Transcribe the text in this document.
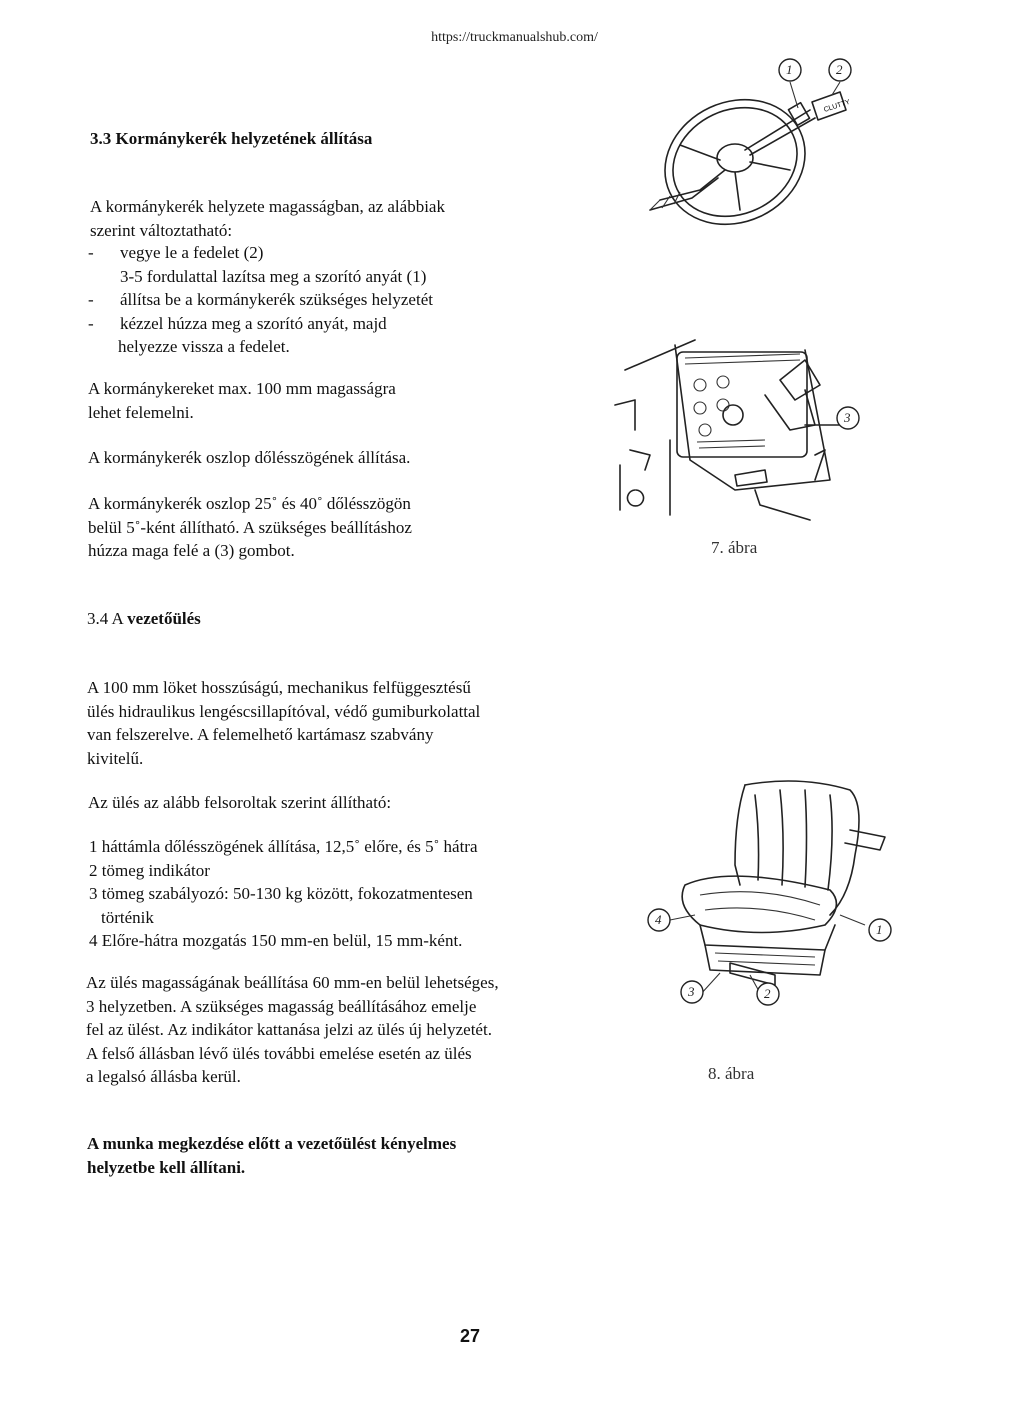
https://truckmanualshub.com/
3.3 Kormánykerék helyzetének állítása
A kormánykerék helyzete magasságban, az alábbiak
szerint változtatható:
- vegye le a fedelet (2)
3-5 fordulattal lazítsa meg a szorító anyát (1)
- állítsa be a kormánykerék szükséges helyzetét
- kézzel húzza meg a szorító anyát, majd
helyezze vissza a fedelet.
A kormánykereket max. 100 mm magasságra
lehet felemelni.
A kormánykerék oszlop dőlésszögének állítása.
A kormánykerék oszlop 25˚ és 40˚ dőlésszögön
belül 5˚-ként állítható. A szükséges beállításhoz
húzza maga felé a (3) gombot.
3.4 A vezetőülés
A 100 mm löket hosszúságú, mechanikus felfüggesztésű
ülés hidraulikus lengéscsillapítóval, védő gumiburkolattal
van felszerelve. A felemelhető kartámasz szabvány
kivitelű.
Az ülés az alább felsoroltak szerint állítható:
1 háttámla dőlésszögének állítása, 12,5˚ előre, és 5˚ hátra
2 tömeg indikátor
3 tömeg szabályozó: 50-130 kg között, fokozatmentesen
történik
4 Előre-hátra mozgatás 150 mm-en belül, 15 mm-ként.
Az ülés magasságának beállítása 60 mm-en belül lehetséges,
3 helyzetben. A szükséges magasság beállításához emelje
fel az ülést. Az indikátor kattanása jelzi az ülés új helyzetét.
A felső állásban lévő ülés további emelése esetén az ülés
a legalsó állásba kerül.
A munka megkezdése előtt a vezetőülést kényelmes
helyzetbe kell állítani.
CLUTTY
1	2
3
7. ábra
4
1
3	2
8. ábra
27
